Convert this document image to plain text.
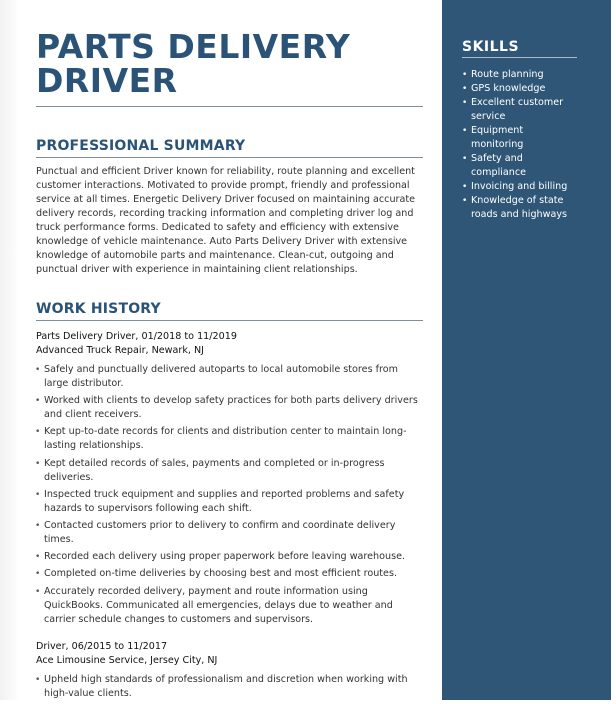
PARTS DELIVERY
DRIVER
PROFESSIONAL SUMMARY

Punctual and efficient Driver known for reliability, route planning and excellent customer interactions. Motivated to provide prompt, friendly and professional service at all times. Energetic Delivery Driver focused on maintaining accurate delivery records, recording tracking information and completing driver log and truck performance forms. Dedicated to safety and efficiency with extensive knowledge of vehicle maintenance. Auto Parts Delivery Driver with extensive knowledge of automobile parts and maintenance. Clean-cut, outgoing and punctual driver with experience in maintaining client relationships.

WORK HISTORY

Parts Delivery Driver, 01/2018 to 11/2019

Advanced Truck Repair, Newark, NJ

• Safely and punctually delivered autoparts to local automobile stores from large distributor.
• Worked with clients to develop safety practices for both parts delivery drivers and client receivers.
• Kept up-to-date records for clients and distribution center to maintain long-lasting relationships.
• Kept detailed records of sales, payments and completed or in-progress deliveries.
• Inspected truck equipment and supplies and reported problems and safety hazards to supervisors following each shift.
• Contacted customers prior to delivery to confirm and coordinate delivery times.
• Recorded each delivery using proper paperwork before leaving warehouse.
• Completed on-time deliveries by choosing best and most efficient routes.
• Accurately recorded delivery, payment and route information using QuickBooks. Communicated all emergencies, delays due to weather and carrier schedule changes to customers and supervisors.

Driver, 06/2015 to 11/2017

Ace Limousine Service, Jersey City, NJ

• Upheld high standards of professionalism and discretion when working with high-value clients.
SKILLS
• Route planning
• GPS knowledge
• Excellent customer service
• Equipment monitoring
• Safety and compliance
• Invoicing and billing
• Knowledge of state roads and highways
